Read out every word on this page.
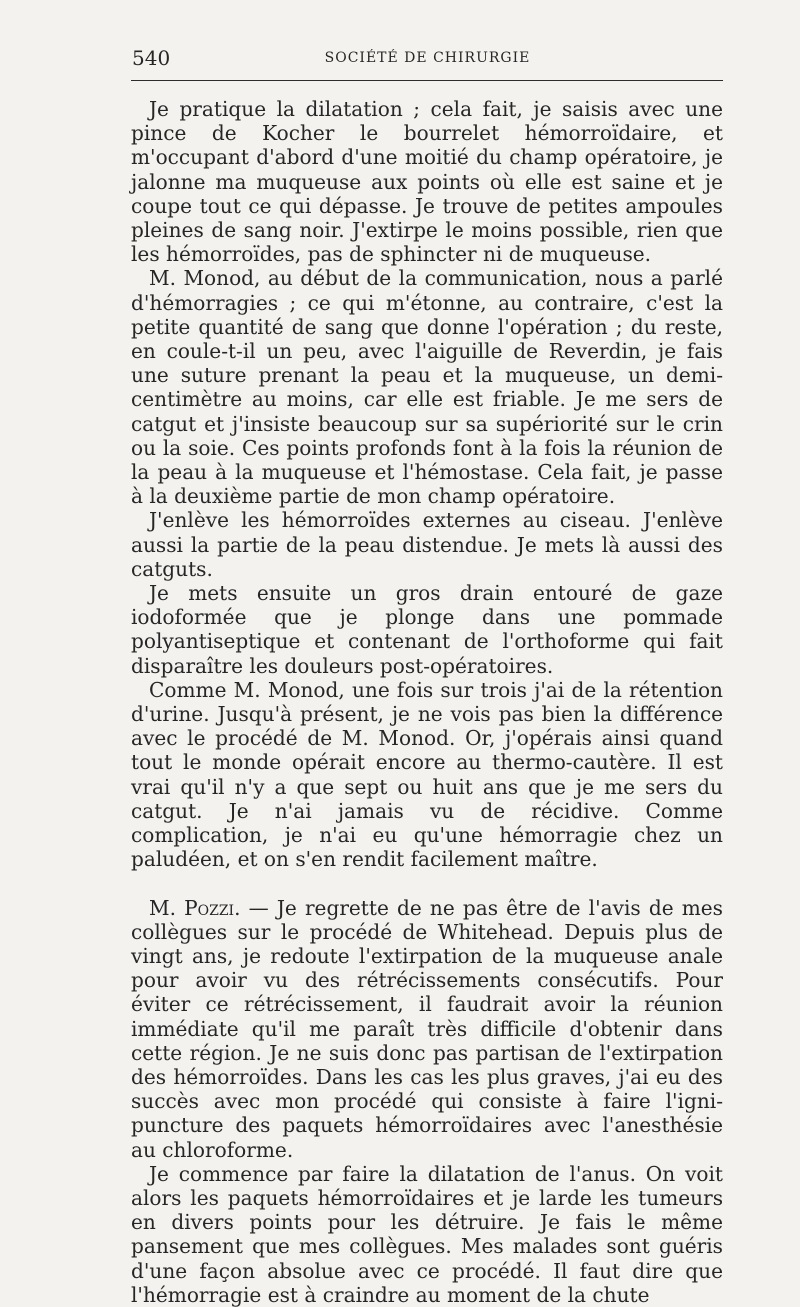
540	SOCIÉTÉ DE CHIRURGIE

Je pratique la dilatation ; cela fait, je saisis avec une pince de Kocher le bourrelet hémorroïdaire, et m'occupant d'abord d'une moitié du champ opératoire, je jalonne ma muqueuse aux points où elle est saine et je coupe tout ce qui dépasse. Je trouve de petites ampoules pleines de sang noir. J'extirpe le moins possible, rien que les hémorroïdes, pas de sphincter ni de muqueuse.

M. Monod, au début de la communication, nous a parlé d'hémorragies ; ce qui m'étonne, au contraire, c'est la petite quantité de sang que donne l'opération ; du reste, en coule-t-il un peu, avec l'aiguille de Reverdin, je fais une suture prenant la peau et la muqueuse, un demi-centimètre au moins, car elle est friable. Je me sers de catgut et j'insiste beaucoup sur sa supériorité sur le crin ou la soie. Ces points profonds font à la fois la réunion de la peau à la muqueuse et l'hémostase. Cela fait, je passe à la deuxième partie de mon champ opératoire.

J'enlève les hémorroïdes externes au ciseau. J'enlève aussi la partie de la peau distendue. Je mets là aussi des catguts.

Je mets ensuite un gros drain entouré de gaze iodoformée que je plonge dans une pommade polyantiseptique et contenant de l'orthoforme qui fait disparaître les douleurs post-opératoires.

Comme M. Monod, une fois sur trois j'ai de la rétention d'urine. Jusqu'à présent, je ne vois pas bien la différence avec le procédé de M. Monod. Or, j'opérais ainsi quand tout le monde opérait encore au thermo-cautère. Il est vrai qu'il n'y a que sept ou huit ans que je me sers du catgut. Je n'ai jamais vu de récidive. Comme complication, je n'ai eu qu'une hémorragie chez un paludéen, et on s'en rendit facilement maître.

M. Pozzi. — Je regrette de ne pas être de l'avis de mes collègues sur le procédé de Whitehead. Depuis plus de vingt ans, je redoute l'extirpation de la muqueuse anale pour avoir vu des rétrécissements consécutifs. Pour éviter ce rétrécissement, il faudrait avoir la réunion immédiate qu'il me paraît très difficile d'obtenir dans cette région. Je ne suis donc pas partisan de l'extirpation des hémorroïdes. Dans les cas les plus graves, j'ai eu des succès avec mon procédé qui consiste à faire l'igni-puncture des paquets hémorroïdaires avec l'anesthésie au chloroforme.

Je commence par faire la dilatation de l'anus. On voit alors les paquets hémorroïdaires et je larde les tumeurs en divers points pour les détruire. Je fais le même pansement que mes collègues. Mes malades sont guéris d'une façon absolue avec ce procédé. Il faut dire que l'hémorragie est à craindre au moment de la chute
